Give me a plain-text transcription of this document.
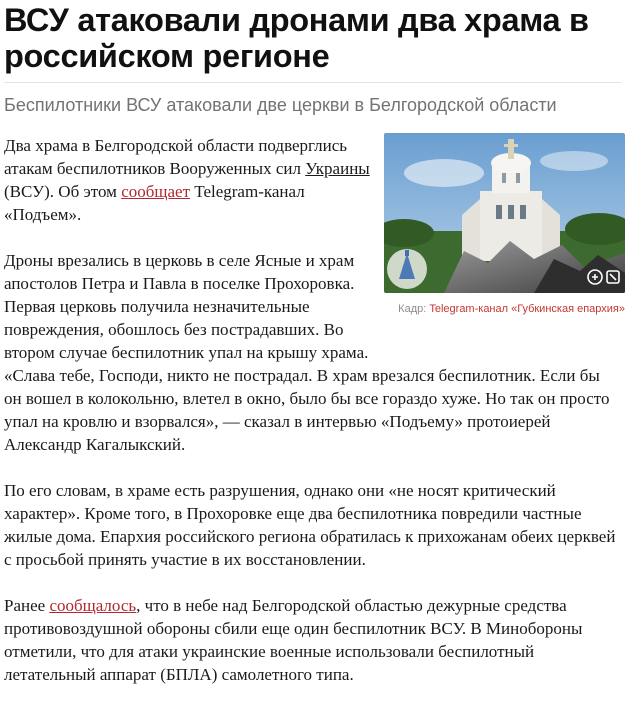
ВСУ атаковали дронами два храма в российском регионе
Беспилотники ВСУ атаковали две церкви в Белгородской области
Кадр: Telegram-канал «Губкинская епархия»

Два храма в Белгородской области подверглись атакам беспилотников Вооруженных сил Украины (ВСУ). Об этом сообщает Telegram-канал «Подъем».

Дроны врезались в церковь в селе Ясные и храм апостолов Петра и Павла в поселке Прохоровка. Первая церковь получила незначительные повреждения, обошлось без пострадавших. Во втором случае беспилотник упал на крышу храма. «Слава тебе, Господи, никто не пострадал. В храм врезался беспилотник. Если бы он вошел в колокольню, влетел в окно, было бы все гораздо хуже. Но так он просто упал на кровлю и взорвался», — сказал в интервью «Подъему» протоиерей Александр Кагалыкский.

По его словам, в храме есть разрушения, однако они «не носят критический характер». Кроме того, в Прохоровке еще два беспилотника повредили частные жилые дома. Епархия российского региона обратилась к прихожанам обеих церквей с просьбой принять участие в их восстановлении.

Ранее сообщалось, что в небе над Белгородской областью дежурные средства противовоздушной обороны сбили еще один беспилотник ВСУ. В Минобороны отметили, что для атаки украинские военные использовали беспилотный летательный аппарат (БПЛА) самолетного типа.
